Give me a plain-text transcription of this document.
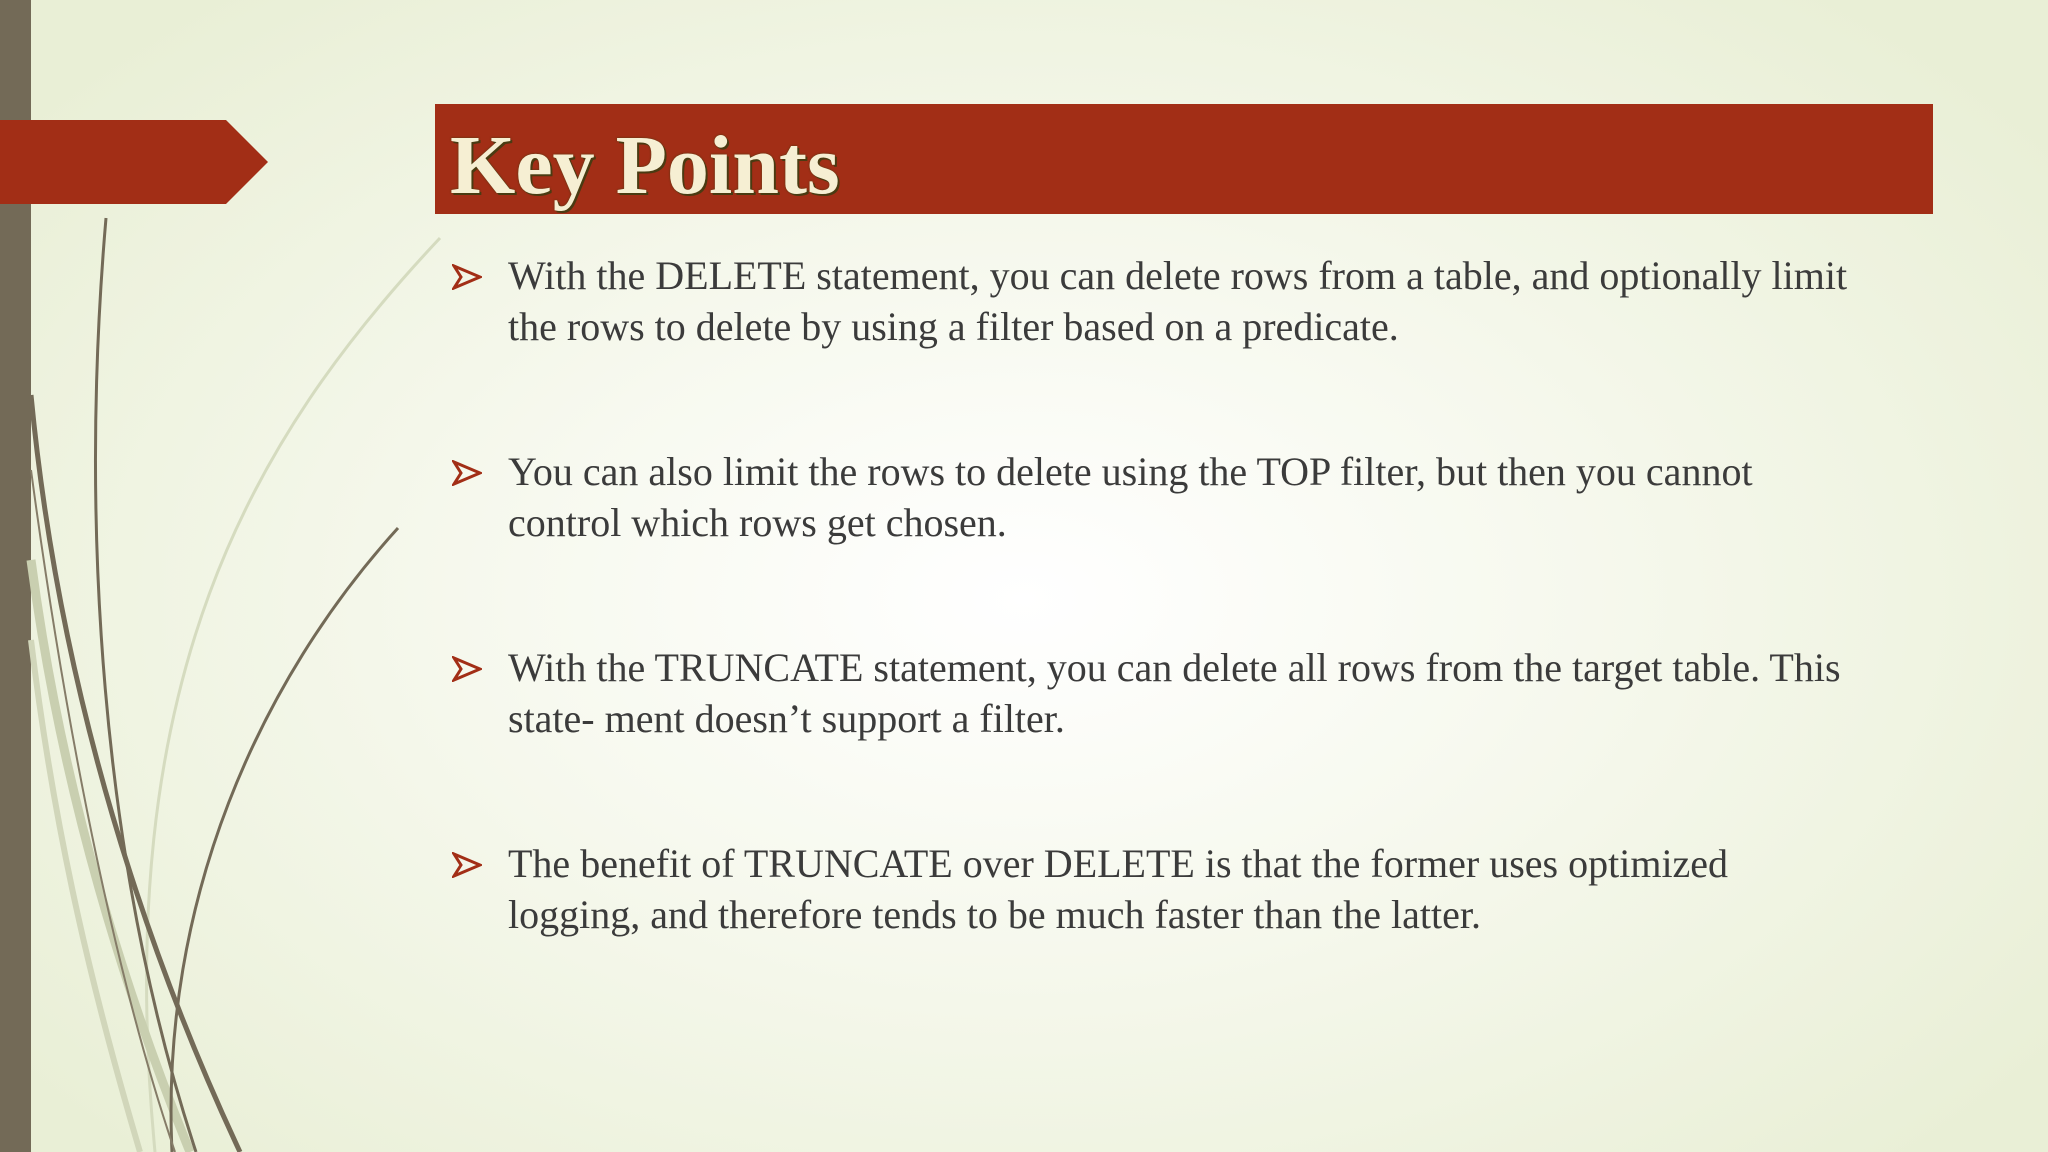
Key Points
With the DELETE statement, you can delete rows from a table, and optionally limit the rows to delete by using a filter based on a predicate.
You can also limit the rows to delete using the TOP filter, but then you cannot control which rows get chosen.
With the TRUNCATE statement, you can delete all rows from the target table. This state- ment doesn’t support a filter.
The benefit of TRUNCATE over DELETE is that the former uses optimized logging, and therefore tends to be much faster than the latter.
